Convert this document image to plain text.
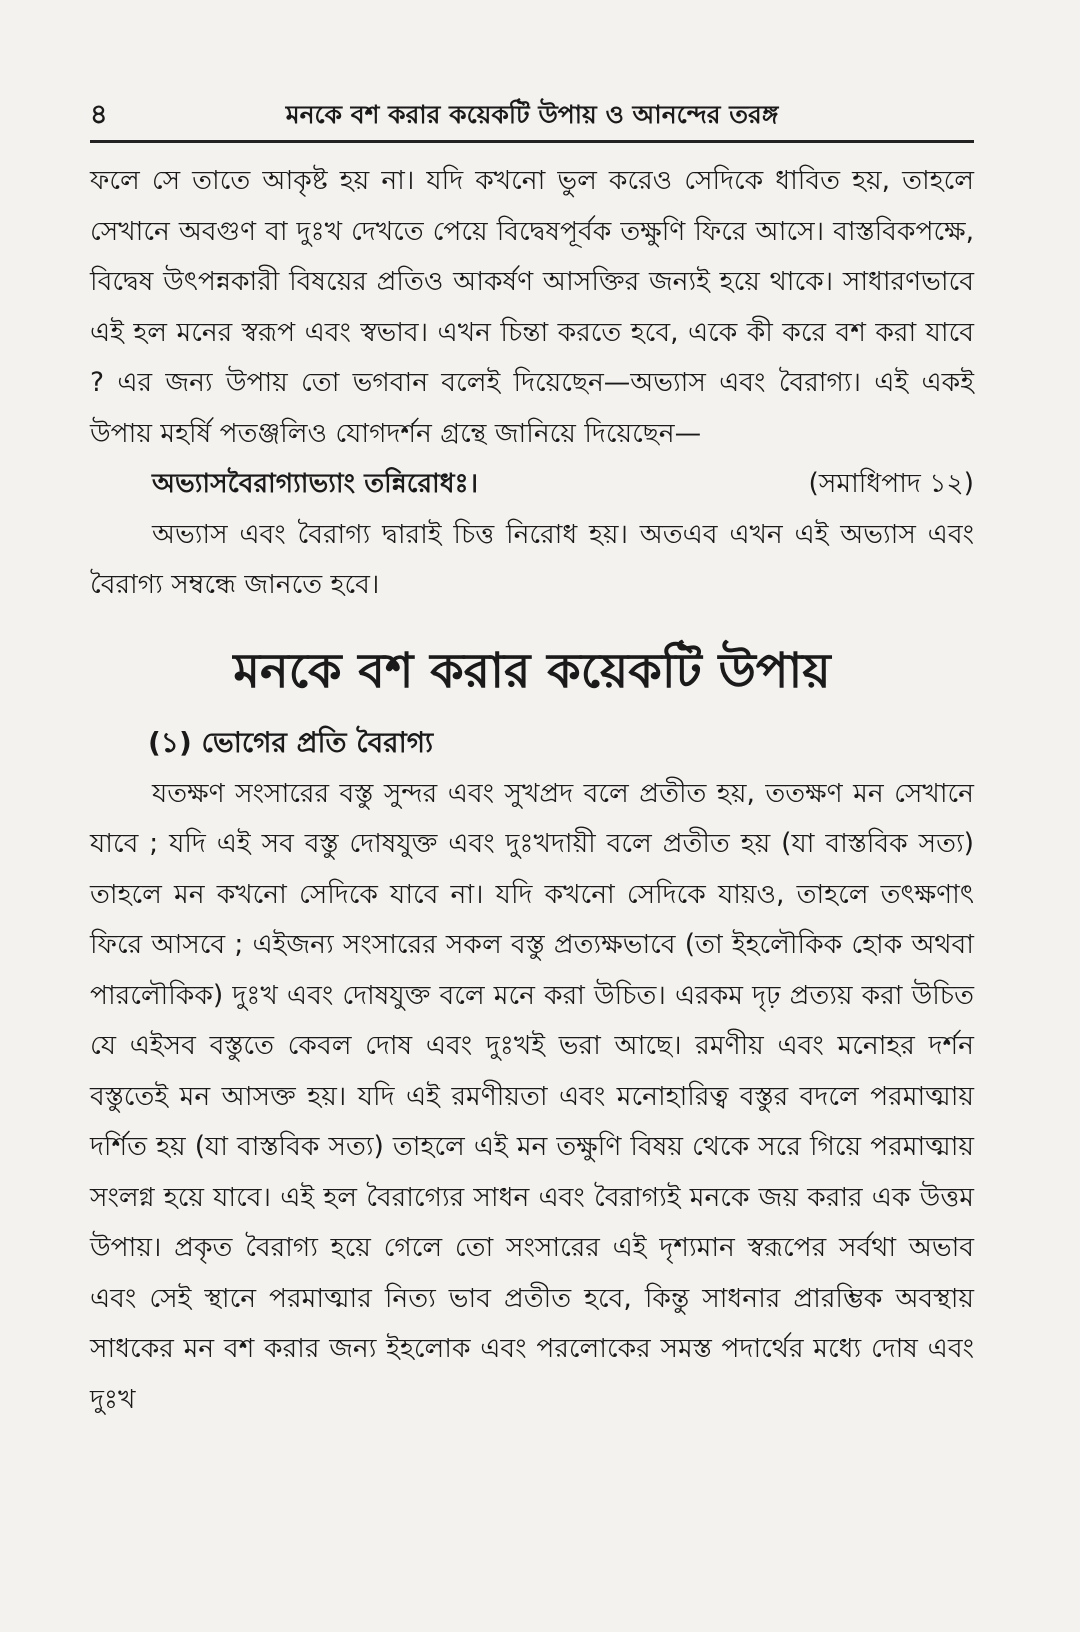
৪	মনকে বশ করার কয়েকটি উপায় ও আনন্দের তরঙ্গ

ফলে সে তাতে আকৃষ্ট হয় না। যদি কখনো ভুল করেও সেদিকে ধাবিত হয়, তাহলে সেখানে অবগুণ বা দুঃখ দেখতে পেয়ে বিদ্বেষপূর্বক তক্ষুণি ফিরে আসে। বাস্তবিকপক্ষে, বিদ্বেষ উৎপন্নকারী বিষয়ের প্রতিও আকর্ষণ আসক্তির জন্যই হয়ে থাকে। সাধারণভাবে এই হল মনের স্বরূপ এবং স্বভাব। এখন চিন্তা করতে হবে, একে কী করে বশ করা যাবে ? এর জন্য উপায় তো ভগবান বলেই দিয়েছেন—অভ্যাস এবং বৈরাগ্য। এই একই উপায় মহর্ষি পতঞ্জলিও যোগদর্শন গ্রন্থে জানিয়ে দিয়েছেন—

অভ্যাসবৈরাগ্যাভ্যাং তন্নিরোধঃ।	(সমাধিপাদ ১২)

অভ্যাস এবং বৈরাগ্য দ্বারাই চিত্ত নিরোধ হয়। অতএব এখন এই অভ্যাস এবং বৈরাগ্য সম্বন্ধে জানতে হবে।

মনকে বশ করার কয়েকটি উপায়
(১) ভোগের প্রতি বৈরাগ্য

যতক্ষণ সংসারের বস্তু সুন্দর এবং সুখপ্রদ বলে প্রতীত হয়, ততক্ষণ মন সেখানে যাবে ; যদি এই সব বস্তু দোষযুক্ত এবং দুঃখদায়ী বলে প্রতীত হয় (যা বাস্তবিক সত্য) তাহলে মন কখনো সেদিকে যাবে না। যদি কখনো সেদিকে যায়ও, তাহলে তৎক্ষণাৎ ফিরে আসবে ; এইজন্য সংসারের সকল বস্তু প্রত্যক্ষভাবে (তা ইহলৌকিক হোক অথবা পারলৌকিক) দুঃখ এবং দোষযুক্ত বলে মনে করা উচিত। এরকম দৃঢ় প্রত্যয় করা উচিত যে এইসব বস্তুতে কেবল দোষ এবং দুঃখই ভরা আছে। রমণীয় এবং মনোহর দর্শন বস্তুতেই মন আসক্ত হয়। যদি এই রমণীয়তা এবং মনোহারিত্ব বস্তুর বদলে পরমাত্মায় দর্শিত হয় (যা বাস্তবিক সত্য) তাহলে এই মন তক্ষুণি বিষয় থেকে সরে গিয়ে পরমাত্মায় সংলগ্ন হয়ে যাবে। এই হল বৈরাগ্যের সাধন এবং বৈরাগ্যই মনকে জয় করার এক উত্তম উপায়। প্রকৃত বৈরাগ্য হয়ে গেলে তো সংসারের এই দৃশ্যমান স্বরূপের সর্বথা অভাব এবং সেই স্থানে পরমাত্মার নিত্য ভাব প্রতীত হবে, কিন্তু সাধনার প্রারম্ভিক অবস্থায় সাধকের মন বশ করার জন্য ইহলোক এবং পরলোকের সমস্ত পদার্থের মধ্যে দোষ এবং দুঃখ
